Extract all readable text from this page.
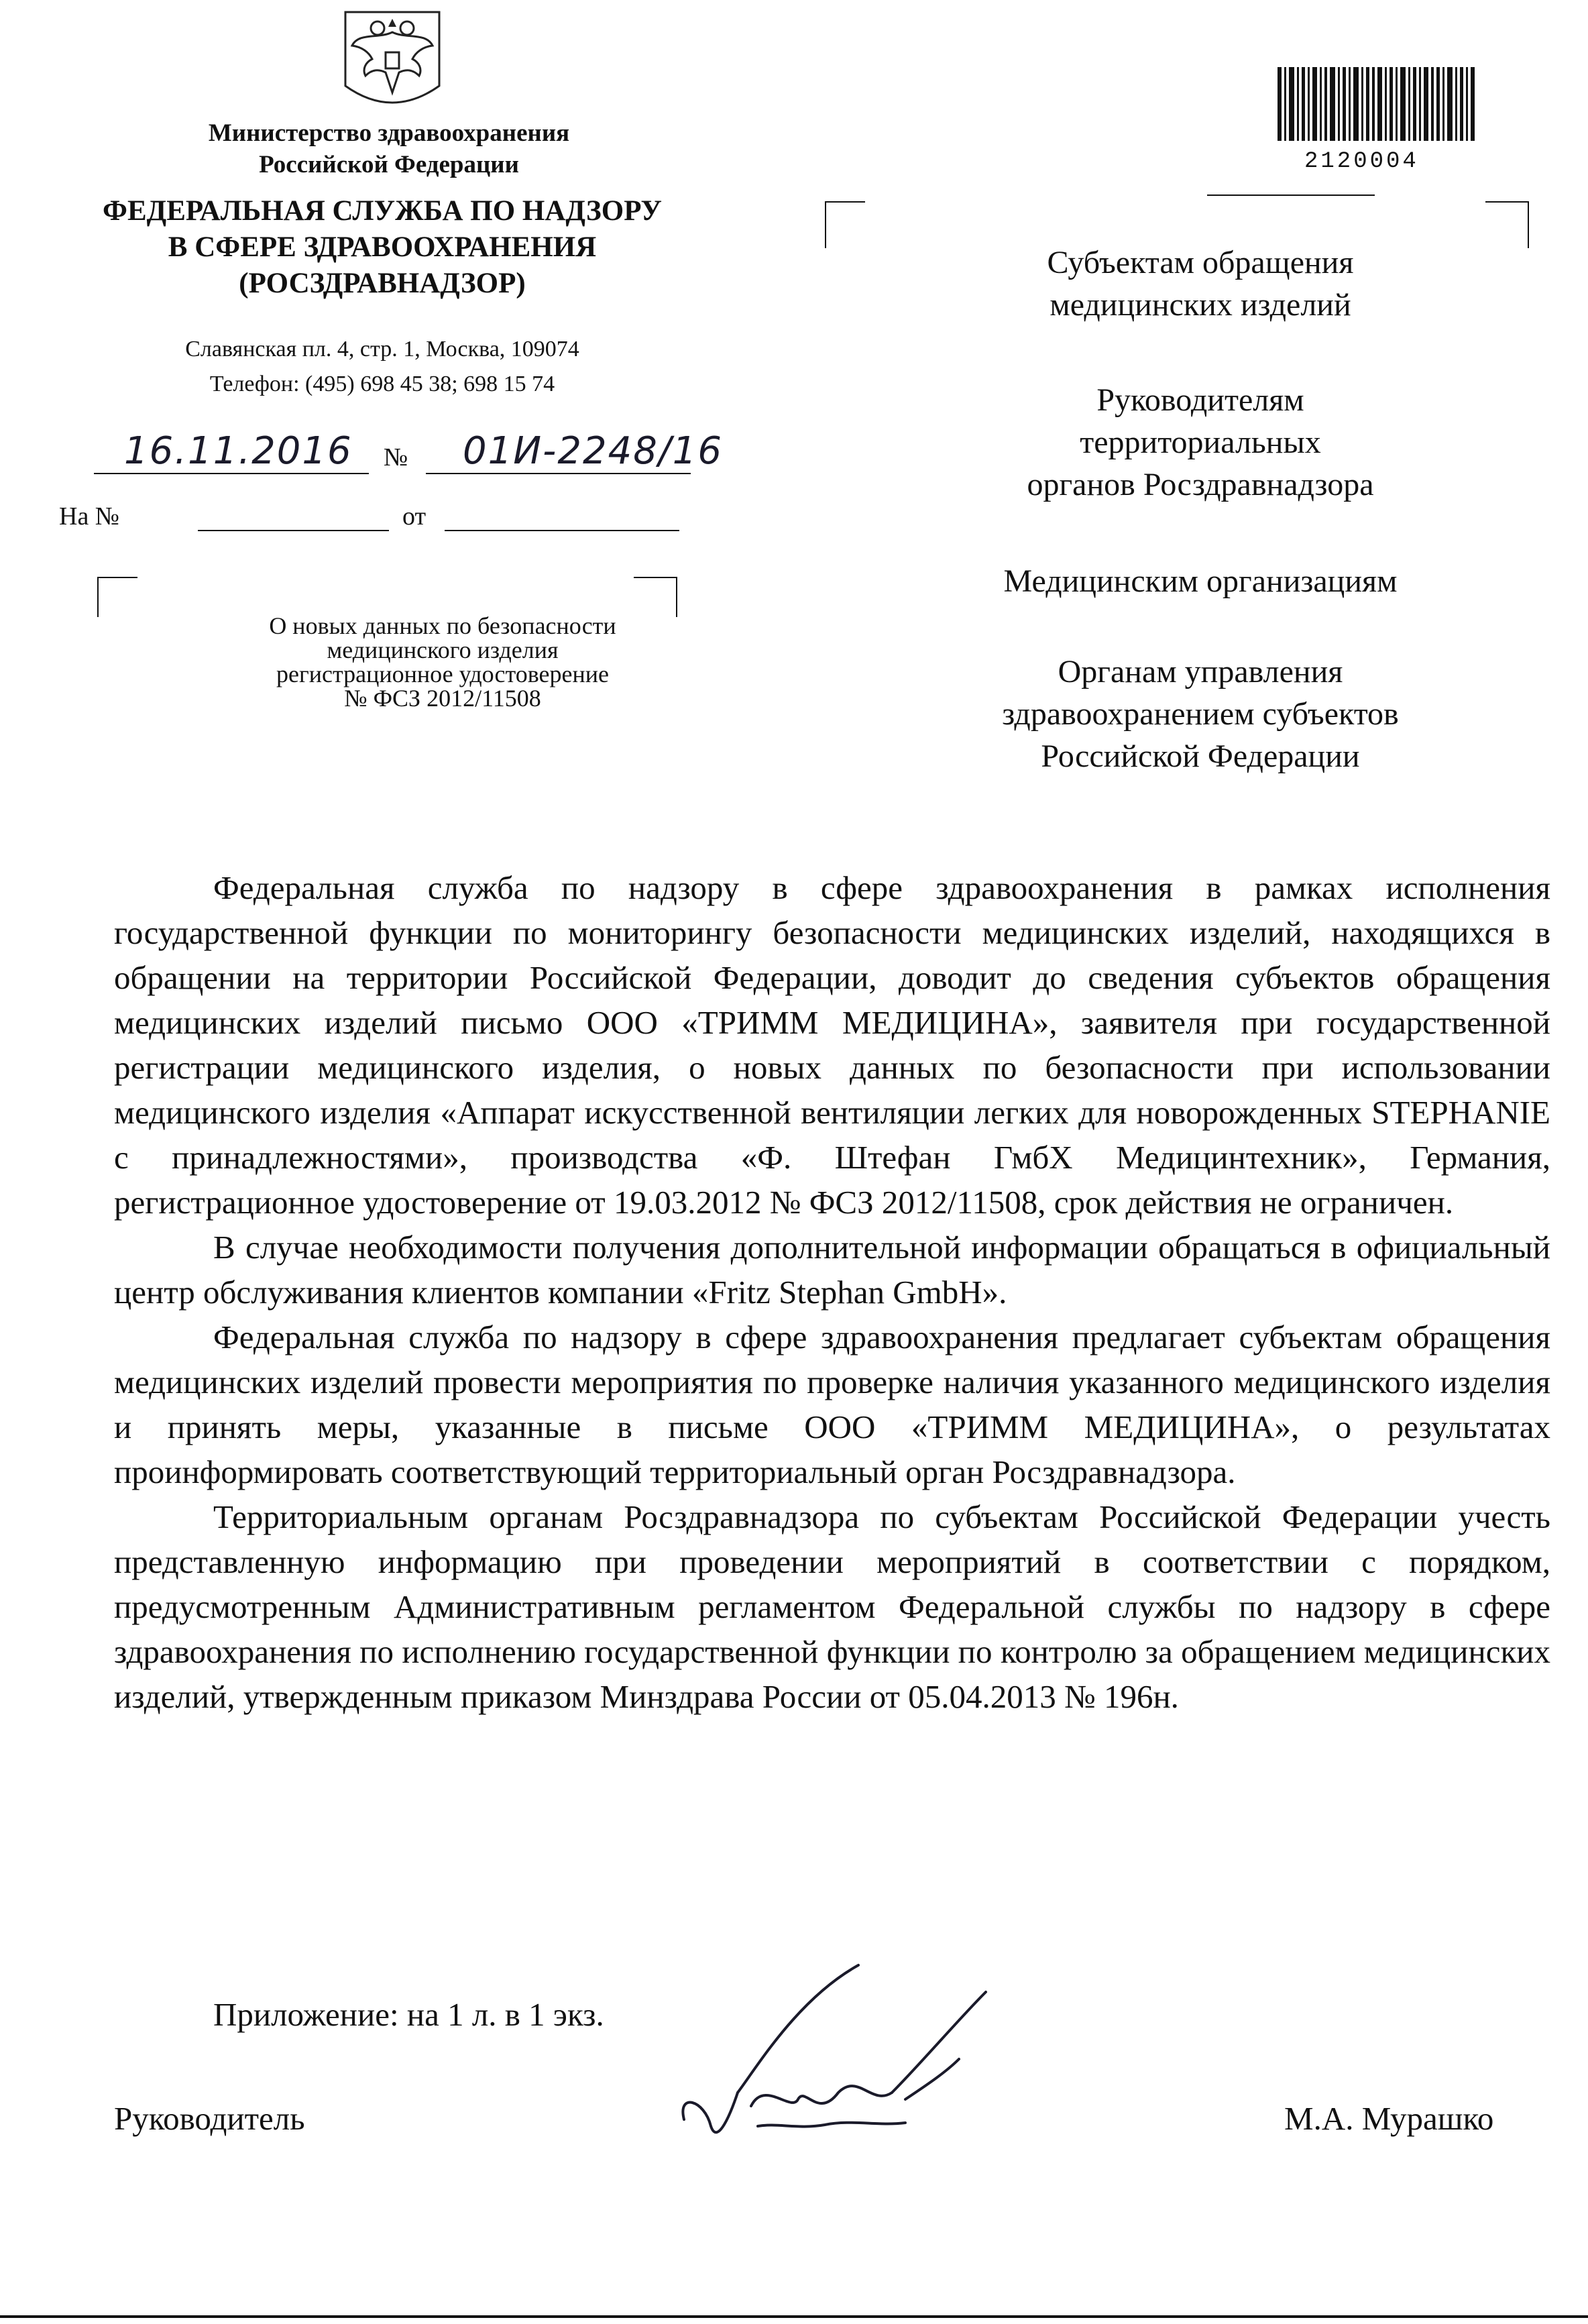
Министерство здравоохранения
Российской Федерации
ФЕДЕРАЛЬНАЯ СЛУЖБА ПО НАДЗОРУ
В СФЕРЕ ЗДРАВООХРАНЕНИЯ
(РОСЗДРАВНАДЗОР)
Славянская пл. 4, стр. 1, Москва, 109074
Телефон: (495) 698 45 38; 698 15 74
16.11.2016 № 01И-2248/16
На №	от
О новых данных по безопасности
медицинского изделия
регистрационное удостоверение
№ ФСЗ 2012/11508
2120004
Субъектам обращения
медицинских изделий
Руководителям
территориальных
органов Росздравнадзора
Медицинским организациям
Органам управления
здравоохранением субъектов
Российской Федерации

Федеральная служба по надзору в сфере здравоохранения в рамках исполнения государственной функции по мониторингу безопасности медицинских изделий, находящихся в обращении на территории Российской Федерации, доводит до сведения субъектов обращения медицинских изделий письмо ООО «ТРИММ МЕДИЦИНА», заявителя при государственной регистрации медицинского изделия, о новых данных по безопасности при использовании медицинского изделия «Аппарат искусственной вентиляции легких для новорожденных STEPHANIE с принадлежностями», производства «Ф. Штефан ГмбХ Медицинтехник», Германия, регистрационное удостоверение от 19.03.2012 № ФСЗ 2012/11508, срок действия не ограничен.

В случае необходимости получения дополнительной информации обращаться в официальный центр обслуживания клиентов компании «Fritz Stephan GmbH».

Федеральная служба по надзору в сфере здравоохранения предлагает субъектам обращения медицинских изделий провести мероприятия по проверке наличия указанного медицинского изделия и принять меры, указанные в письме ООО «ТРИММ МЕДИЦИНА», о результатах проинформировать соответствующий территориальный орган Росздравнадзора.

Территориальным органам Росздравнадзора по субъектам Российской Федерации учесть представленную информацию при проведении мероприятий в соответствии с порядком, предусмотренным Административным регламентом Федеральной службы по надзору в сфере здравоохранения по исполнению государственной функции по контролю за обращением медицинских изделий, утвержденным приказом Минздрава России от 05.04.2013 № 196н.

Приложение: на 1 л. в 1 экз.
Руководитель	М.А. Мурашко
